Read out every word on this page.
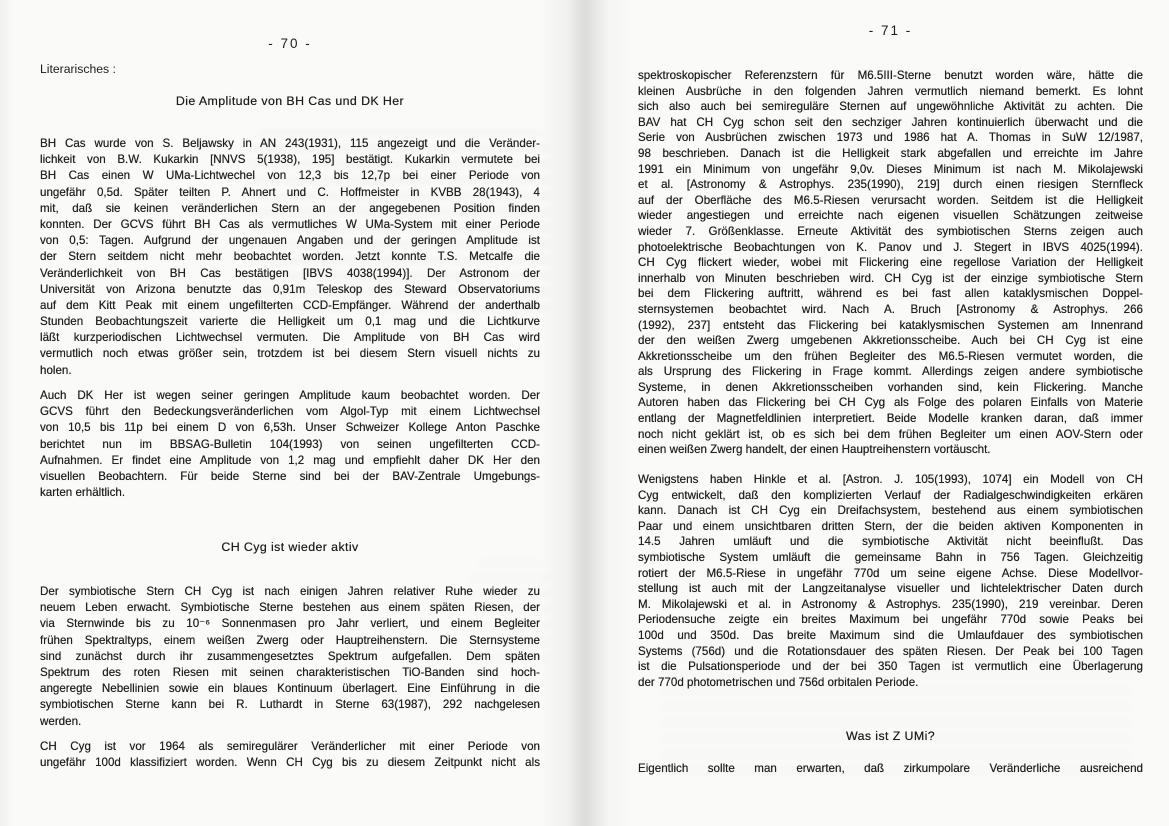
- 70 -
Literarisches :
Die Amplitude von BH Cas und DK Her
BH Cas wurde von S. Beljawsky in AN 243(1931), 115 angezeigt und die Veränder-
lichkeit von B.W. Kukarkin [NNVS 5(1938), 195] bestätigt. Kukarkin vermutete bei
BH Cas einen W UMa-Lichtwechel von 12,3 bis 12,7p bei einer Periode von
ungefähr 0,5d. Später teilten P. Ahnert und C. Hoffmeister in KVBB 28(1943), 4
mit, daß sie keinen veränderlichen Stern an der angegebenen Position finden
konnten. Der GCVS führt BH Cas als vermutliches W UMa-System mit einer Periode
von 0,5: Tagen. Aufgrund der ungenauen Angaben und der geringen Amplitude ist
der Stern seitdem nicht mehr beobachtet worden. Jetzt konnte T.S. Metcalfe die
Veränderlichkeit von BH Cas bestätigen [IBVS 4038(1994)]. Der Astronom der
Universität von Arizona benutzte das 0,91m Teleskop des Steward Observatoriums
auf dem Kitt Peak mit einem ungefilterten CCD-Empfänger. Während der anderthalb
Stunden Beobachtungszeit varierte die Helligkeit um 0,1 mag und die Lichtkurve
läßt kurzperiodischen Lichtwechsel vermuten. Die Amplitude von BH Cas wird
vermutlich noch etwas größer sein, trotzdem ist bei diesem Stern visuell nichts zu
holen.
Auch DK Her ist wegen seiner geringen Amplitude kaum beobachtet worden. Der
GCVS führt den Bedeckungsveränderlichen vom Algol-Typ mit einem Lichtwechsel
von 10,5 bis 11p bei einem D von 6,53h. Unser Schweizer Kollege Anton Paschke
berichtet nun im BBSAG-Bulletin 104(1993) von seinen ungefilterten CCD-
Aufnahmen. Er findet eine Amplitude von 1,2 mag und empfiehlt daher DK Her den
visuellen Beobachtern. Für beide Sterne sind bei der BAV-Zentrale Umgebungs-
karten erhältlich.
CH Cyg ist wieder aktiv
Der symbiotische Stern CH Cyg ist nach einigen Jahren relativer Ruhe wieder zu
neuem Leben erwacht. Symbiotische Sterne bestehen aus einem späten Riesen, der
via Sternwinde bis zu 10⁻⁶ Sonnenmasen pro Jahr verliert, und einem Begleiter
frühen Spektraltyps, einem weißen Zwerg oder Hauptreihenstern. Die Sternsysteme
sind zunächst durch ihr zusammengesetztes Spektrum aufgefallen. Dem späten
Spektrum des roten Riesen mit seinen charakteristischen TiO-Banden sind hoch-
angeregte Nebellinien sowie ein blaues Kontinuum überlagert. Eine Einführung in die
symbiotischen Sterne kann bei R. Luthardt in Sterne 63(1987), 292 nachgelesen
werden.
CH Cyg ist vor 1964 als semiregulärer Veränderlicher mit einer Periode von
ungefähr 100d klassifiziert worden. Wenn CH Cyg bis zu diesem Zeitpunkt nicht als
- 71 -
spektroskopischer Referenzstern für M6.5III-Sterne benutzt worden wäre, hätte die
kleinen Ausbrüche in den folgenden Jahren vermutlich niemand bemerkt. Es lohnt
sich also auch bei semireguläre Sternen auf ungewöhnliche Aktivität zu achten. Die
BAV hat CH Cyg schon seit den sechziger Jahren kontinuierlich überwacht und die
Serie von Ausbrüchen zwischen 1973 und 1986 hat A. Thomas in SuW 12/1987,
98 beschrieben. Danach ist die Helligkeit stark abgefallen und erreichte im Jahre
1991 ein Minimum von ungefähr 9,0v. Dieses Minimum ist nach M. Mikolajewski
et al. [Astronomy & Astrophys. 235(1990), 219] durch einen riesigen Sternfleck
auf der Oberfläche des M6.5-Riesen verursacht worden. Seitdem ist die Helligkeit
wieder angestiegen und erreichte nach eigenen visuellen Schätzungen zeitweise
wieder 7. Größenklasse. Erneute Aktivität des symbiotischen Sterns zeigen auch
photoelektrische Beobachtungen von K. Panov und J. Stegert in IBVS 4025(1994).
CH Cyg flickert wieder, wobei mit Flickering eine regellose Variation der Helligkeit
innerhalb von Minuten beschrieben wird. CH Cyg ist der einzige symbiotische Stern
bei dem Flickering auftritt, während es bei fast allen kataklysmischen Doppel-
sternsystemen beobachtet wird. Nach A. Bruch [Astronomy & Astrophys. 266
(1992), 237] entsteht das Flickering bei kataklysmischen Systemen am Innenrand
der den weißen Zwerg umgebenen Akkretionsscheibe. Auch bei CH Cyg ist eine
Akkretionsscheibe um den frühen Begleiter des M6.5-Riesen vermutet worden, die
als Ursprung des Flickering in Frage kommt. Allerdings zeigen andere symbiotische
Systeme, in denen Akkretionsscheiben vorhanden sind, kein Flickering. Manche
Autoren haben das Flickering bei CH Cyg als Folge des polaren Einfalls von Materie
entlang der Magnetfeldlinien interpretiert. Beide Modelle kranken daran, daß immer
noch nicht geklärt ist, ob es sich bei dem frühen Begleiter um einen AOV-Stern oder
einen weißen Zwerg handelt, der einen Hauptreihenstern vortäuscht.
Wenigstens haben Hinkle et al. [Astron. J. 105(1993), 1074] ein Modell von CH
Cyg entwickelt, daß den komplizierten Verlauf der Radialgeschwindigkeiten erkären
kann. Danach ist CH Cyg ein Dreifachsystem, bestehend aus einem symbiotischen
Paar und einem unsichtbaren dritten Stern, der die beiden aktiven Komponenten in
14.5 Jahren umläuft und die symbiotische Aktivität nicht beeinflußt. Das
symbiotische System umläuft die gemeinsame Bahn in 756 Tagen. Gleichzeitig
rotiert der M6.5-Riese in ungefähr 770d um seine eigene Achse. Diese Modellvor-
stellung ist auch mit der Langzeitanalyse visueller und lichtelektrischer Daten durch
M. Mikolajewski et al. in Astronomy & Astrophys. 235(1990), 219 vereinbar. Deren
Periodensuche zeigte ein breites Maximum bei ungefähr 770d sowie Peaks bei
100d und 350d. Das breite Maximum sind die Umlaufdauer des symbiotischen
Systems (756d) und die Rotationsdauer des späten Riesen. Der Peak bei 100 Tagen
ist die Pulsationsperiode und der bei 350 Tagen ist vermutlich eine Überlagerung
der 770d photometrischen und 756d orbitalen Periode.
Was ist Z UMi?
Eigentlich sollte man erwarten, daß zirkumpolare Veränderliche ausreichend
